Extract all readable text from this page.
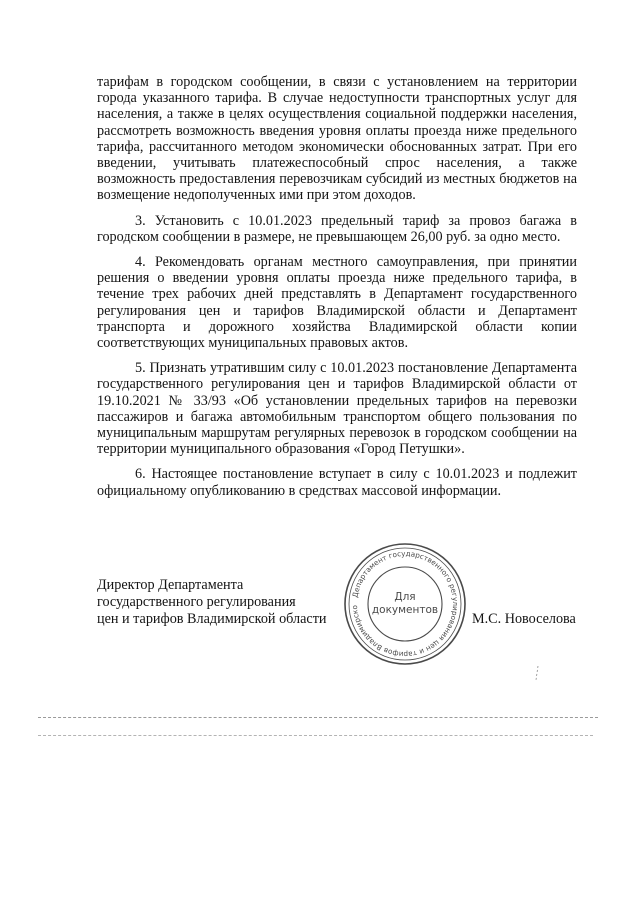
тарифам в городском сообщении, в связи с установлением на территории города указанного тарифа. В случае недоступности транспортных услуг для населения, а также в целях осуществления социальной поддержки населения, рассмотреть возможность введения уровня оплаты проезда ниже предельного тарифа, рассчитанного методом экономически обоснованных затрат. При его введении, учитывать платежеспособный спрос населения, а также возможность предоставления перевозчикам субсидий из местных бюджетов на возмещение недополученных ими при этом доходов.

3. Установить с 10.01.2023 предельный тариф за провоз багажа в городском сообщении в размере, не превышающем 26,00 руб. за одно место.

4. Рекомендовать органам местного самоуправления, при принятии решения о введении уровня оплаты проезда ниже предельного тарифа, в течение трех рабочих дней представлять в Департамент государственного регулирования цен и тарифов Владимирской области и Департамент транспорта и дорожного хозяйства Владимирской области копии соответствующих муниципальных правовых актов.

5. Признать утратившим силу с 10.01.2023 постановление Департамента государственного регулирования цен и тарифов Владимирской области от 19.10.2021 № 33/93 «Об установлении предельных тарифов на перевозки пассажиров и багажа автомобильным транспортом общего пользования по муниципальным маршрутам регулярных перевозок в городском сообщении на территории муниципального образования «Город Петушки».

6. Настоящее постановление вступает в силу с 10.01.2023 и подлежит официальному опубликованию в средствах массовой информации.

Директор Департамента
государственного регулирования
цен и тарифов Владимирской области
Департамент государственного регулирования цен и тарифов Владимирско
Для
документов
М.С. Новоселова
